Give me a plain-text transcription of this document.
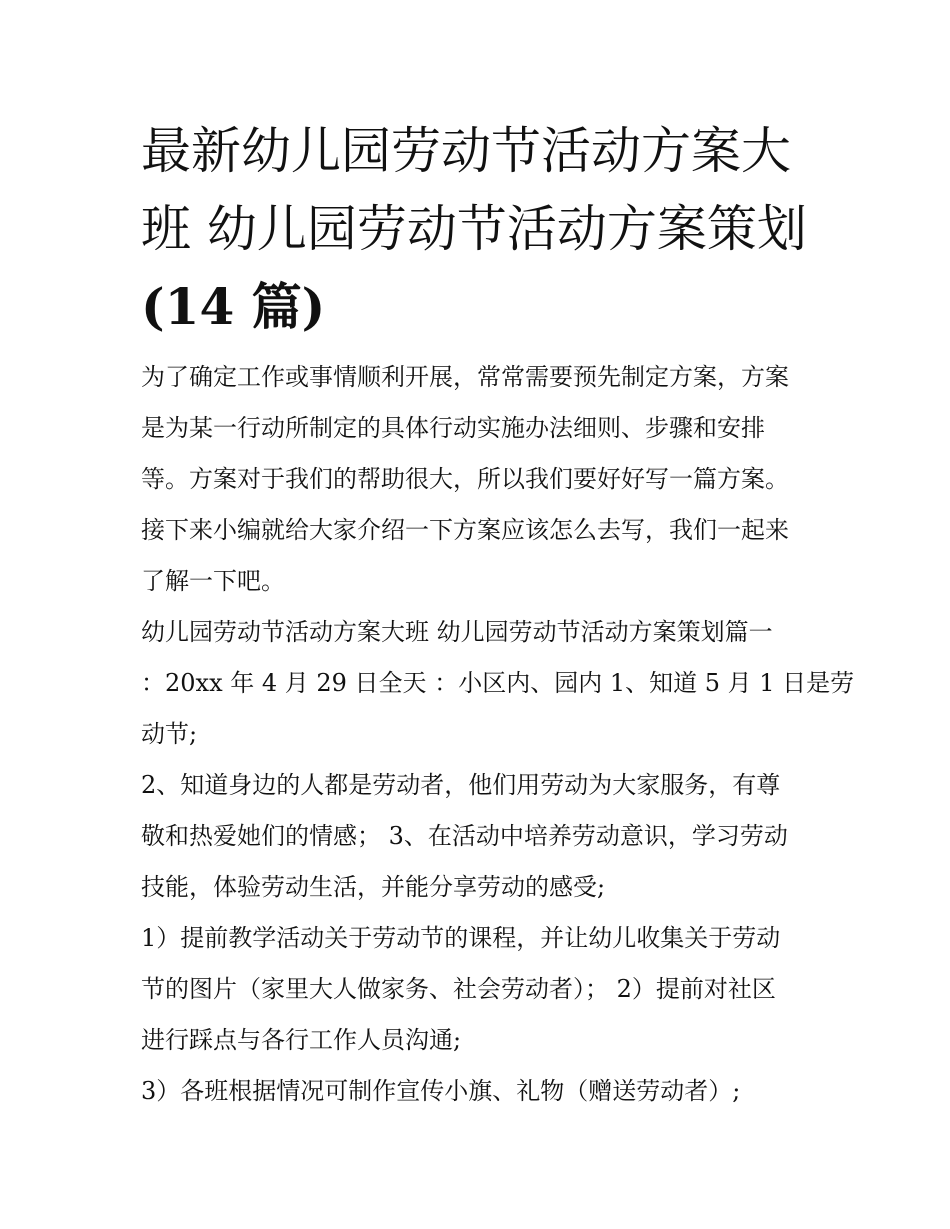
最新幼儿园劳动节活动方案大
班 幼儿园劳动节活动方案策划
(14 篇)
为了确定工作或事情顺利开展，常常需要预先制定方案，方案
是为某一行动所制定的具体行动实施办法细则、步骤和安排
等。方案对于我们的帮助很大，所以我们要好好写一篇方案。
接下来小编就给大家介绍一下方案应该怎么去写，我们一起来
了解一下吧。
幼儿园劳动节活动方案大班 幼儿园劳动节活动方案策划篇一
：20xx 年 4 月 29 日全天 ：小区内、园内 1、知道 5 月 1 日是劳
动节;
2、知道身边的人都是劳动者，他们用劳动为大家服务，有尊
敬和热爱她们的情感； 3、在活动中培养劳动意识，学习劳动
技能，体验劳动生活，并能分享劳动的感受;
1）提前教学活动关于劳动节的课程，并让幼儿收集关于劳动
节的图片（家里大人做家务、社会劳动者）； 2）提前对社区
进行踩点与各行工作人员沟通;
3）各班根据情况可制作宣传小旗、礼物（赠送劳动者）;
